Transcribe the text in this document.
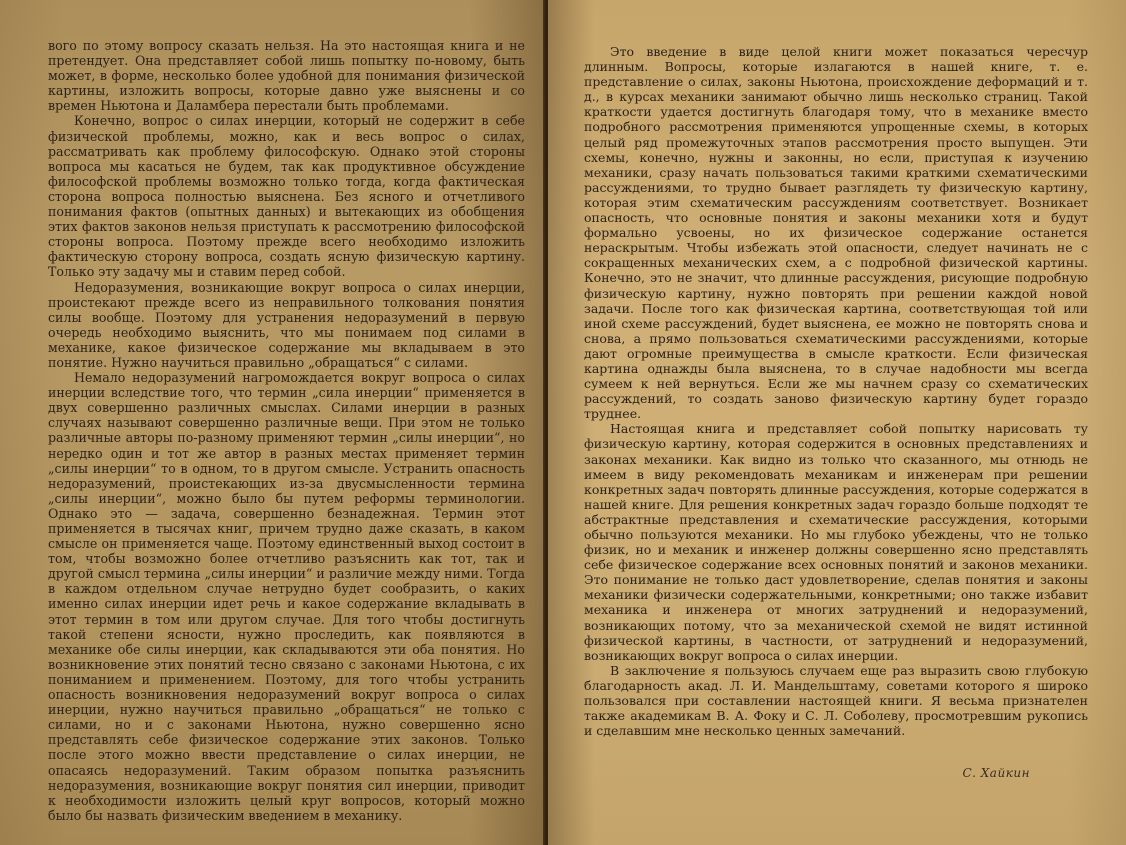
вого по этому вопросу сказать нельзя. На это настоящая книга и не претендует. Она представляет собой лишь попытку по-новому, быть может, в форме, несколько более удобной для понимания физической картины, изложить вопросы, которые давно уже выяснены и со времен Ньютона и Даламбера перестали быть проблемами.

Конечно, вопрос о силах инерции, который не содержит в себе физической проблемы, можно, как и весь вопрос о силах, рассматривать как проблему философскую. Однако этой стороны вопроса мы касаться не будем, так как продуктивное обсуждение философской проблемы возможно только тогда, когда фактическая сторона вопроса полностью выяснена. Без ясного и отчетливого понимания фактов (опытных данных) и вытекающих из обобщения этих фактов законов нельзя приступать к рассмотрению философской стороны вопроса. Поэтому прежде всего необходимо изложить фактическую сторону вопроса, создать ясную физическую картину. Только эту задачу мы и ставим перед собой.

Недоразумения, возникающие вокруг вопроса о силах инерции, проистекают прежде всего из неправильного толкования понятия силы вообще. Поэтому для устранения недоразумений в первую очередь необходимо выяснить, что мы понимаем под силами в механике, какое физическое содержание мы вкладываем в это понятие. Нужно научиться правильно „обращаться“ с силами.

Немало недоразумений нагромождается вокруг вопроса о силах инерции вследствие того, что термин „сила инерции“ применяется в двух совершенно различных смыслах. Силами инерции в разных случаях называют совершенно различные вещи. При этом не только различные авторы по-разному применяют термин „силы инерции“, но нередко один и тот же автор в разных местах применяет термин „силы инерции“ то в одном, то в другом смысле. Устранить опасность недоразумений, проистекающих из-за двусмысленности термина „силы инерции“, можно было бы путем реформы терминологии. Однако это — задача, совершенно безнадежная. Термин этот применяется в тысячах книг, причем трудно даже сказать, в каком смысле он применяется чаще. Поэтому единственный выход состоит в том, чтобы возможно более отчетливо разъяснить как тот, так и другой смысл термина „силы инерции“ и различие между ними. Тогда в каждом отдельном случае нетрудно будет сообразить, о каких именно силах инерции идет речь и какое содержание вкладывать в этот термин в том или другом случае. Для того чтобы достигнуть такой степени ясности, нужно проследить, как появляются в механике обе силы инерции, как складываются эти оба понятия. Но возникновение этих понятий тесно связано с законами Ньютона, с их пониманием и применением. Поэтому, для того чтобы устранить опасность возникновения недоразумений вокруг вопроса о силах инерции, нужно научиться правильно „обращаться“ не только с силами, но и с законами Ньютона, нужно совершенно ясно представлять себе физическое содержание этих законов. Только после этого можно ввести представление о силах инерции, не опасаясь недоразумений. Таким образом попытка разъяснить недоразумения, возникающие вокруг понятия сил инерции, приводит к необходимости изложить целый круг вопросов, который можно было бы назвать физическим введением в механику.

Это введение в виде целой книги может показаться чересчур длинным. Вопросы, которые излагаются в нашей книге, т. е. представление о силах, законы Ньютона, происхождение деформаций и т. д., в курсах механики занимают обычно лишь несколько страниц. Такой краткости удается достигнуть благодаря тому, что в механике вместо подробного рассмотрения применяются упрощенные схемы, в которых целый ряд промежуточных этапов рассмотрения просто выпущен. Эти схемы, конечно, нужны и законны, но если, приступая к изучению механики, сразу начать пользоваться такими краткими схематическими рассуждениями, то трудно бывает разглядеть ту физическую картину, которая этим схематическим рассуждениям соответствует. Возникает опасность, что основные понятия и законы механики хотя и будут формально усвоены, но их физическое содержание останется нераскрытым. Чтобы избежать этой опасности, следует начинать не с сокращенных механических схем, а с подробной физической картины. Конечно, это не значит, что длинные рассуждения, рисующие подробную физическую картину, нужно повторять при решении каждой новой задачи. После того как физическая картина, соответствующая той или иной схеме рассуждений, будет выяснена, ее можно не повторять снова и снова, а прямо пользоваться схематическими рассуждениями, которые дают огромные преимущества в смысле краткости. Если физическая картина однажды была выяснена, то в случае надобности мы всегда сумеем к ней вернуться. Если же мы начнем сразу со схематических рассуждений, то создать заново физическую картину будет гораздо труднее.

Настоящая книга и представляет собой попытку нарисовать ту физическую картину, которая содержится в основных представлениях и законах механики. Как видно из только что сказанного, мы отнюдь не имеем в виду рекомендовать механикам и инженерам при решении конкретных задач повторять длинные рассуждения, которые содержатся в нашей книге. Для решения конкретных задач гораздо больше подходят те абстрактные представления и схематические рассуждения, которыми обычно пользуются механики. Но мы глубоко убеждены, что не только физик, но и механик и инженер должны совершенно ясно представлять себе физическое содержание всех основных понятий и законов механики. Это понимание не только даст удовлетворение, сделав понятия и законы механики физически содержательными, конкретными; оно также избавит механика и инженера от многих затруднений и недоразумений, возникающих потому, что за механической схемой не видят истинной физической картины, в частности, от затруднений и недоразумений, возникающих вокруг вопроса о силах инерции.

В заключение я пользуюсь случаем еще раз выразить свою глубокую благодарность акад. Л. И. Мандельштаму, советами которого я широко пользовался при составлении настоящей книги. Я весьма признателен также академикам В. А. Фоку и С. Л. Соболеву, просмотревшим рукопись и сделавшим мне несколько ценных замечаний.

С. Хайкин
